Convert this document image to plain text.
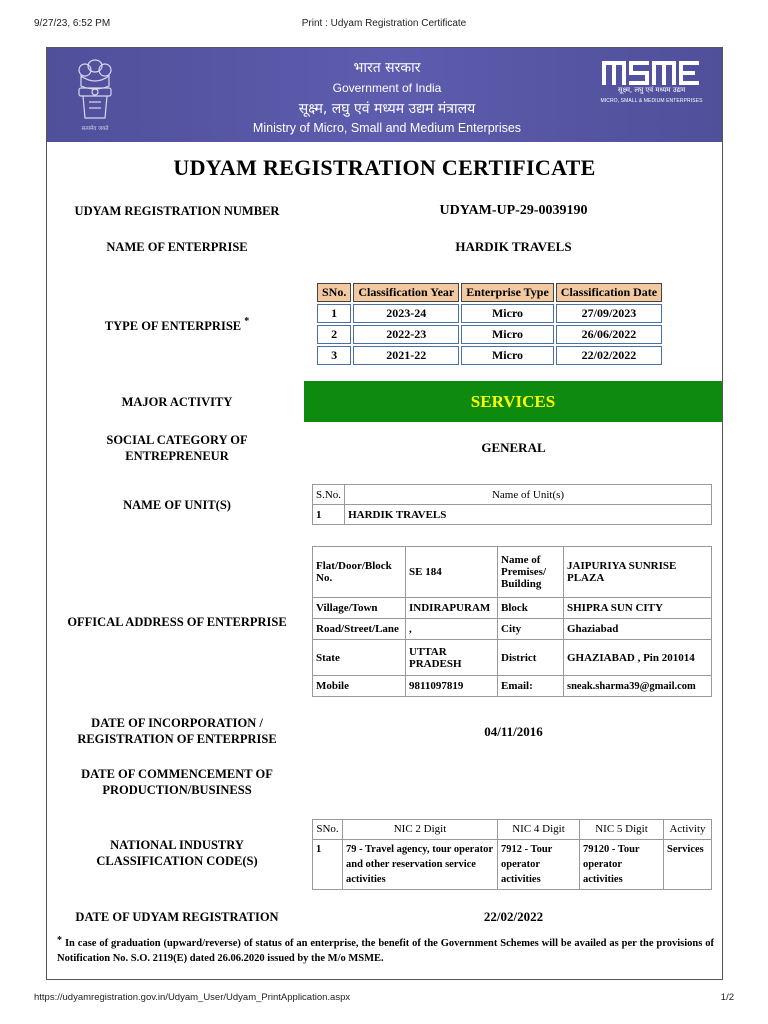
9/27/23, 6:52 PM	Print : Udyam Registration Certificate
सत्यमेव जयते
भारत सरकार
Government of India
सूक्ष्म, लघु एवं मध्यम उद्यम मंत्रालय
Ministry of Micro, Small and Medium Enterprises
सूक्ष्म, लघु एवं मध्यम उद्यम
MICRO, SMALL & MEDIUM ENTERPRISES
UDYAM REGISTRATION CERTIFICATE
UDYAM REGISTRATION NUMBER	UDYAM-UP-29-0039190
NAME OF ENTERPRISE	HARDIK TRAVELS
TYPE OF ENTERPRISE *
SNo.	Classification Year	Enterprise Type	Classification Date
1	2023-24	Micro	27/09/2023
2	2022-23	Micro	26/06/2022
3	2021-22	Micro	22/02/2022
MAJOR ACTIVITY	SERVICES
SOCIAL CATEGORY OF
ENTREPRENEUR
GENERAL
NAME OF UNIT(S)
S.No.	Name of Unit(s)
1	HARDIK TRAVELS
OFFICAL ADDRESS OF ENTERPRISE
Flat/Door/Block No.	SE 184	Name of Premises/ Building	JAIPURIYA SUNRISE PLAZA
Village/Town	INDIRAPURAM	Block	SHIPRA SUN CITY
Road/Street/Lane	,	City	Ghaziabad
State	UTTAR PRADESH	District	GHAZIABAD , Pin 201014
Mobile	9811097819	Email:	sneak.sharma39@gmail.com
DATE OF INCORPORATION /
REGISTRATION OF ENTERPRISE	04/11/2016
DATE OF COMMENCEMENT OF
PRODUCTION/BUSINESS
NATIONAL INDUSTRY
CLASSIFICATION CODE(S)
SNo.	NIC 2 Digit	NIC 4 Digit	NIC 5 Digit	Activity
1	79 - Travel agency, tour operator and other reservation service activities	7912 - Tour operator activities	79120 - Tour operator activities	Services
DATE OF UDYAM REGISTRATION	22/02/2022
* In case of graduation (upward/reverse) of status of an enterprise, the benefit of the Government Schemes will be availed as per the provisions of Notification No. S.O. 2119(E) dated 26.06.2020 issued by the M/o MSME.
https://udyamregistration.gov.in/Udyam_User/Udyam_PrintApplication.aspx	1/2
